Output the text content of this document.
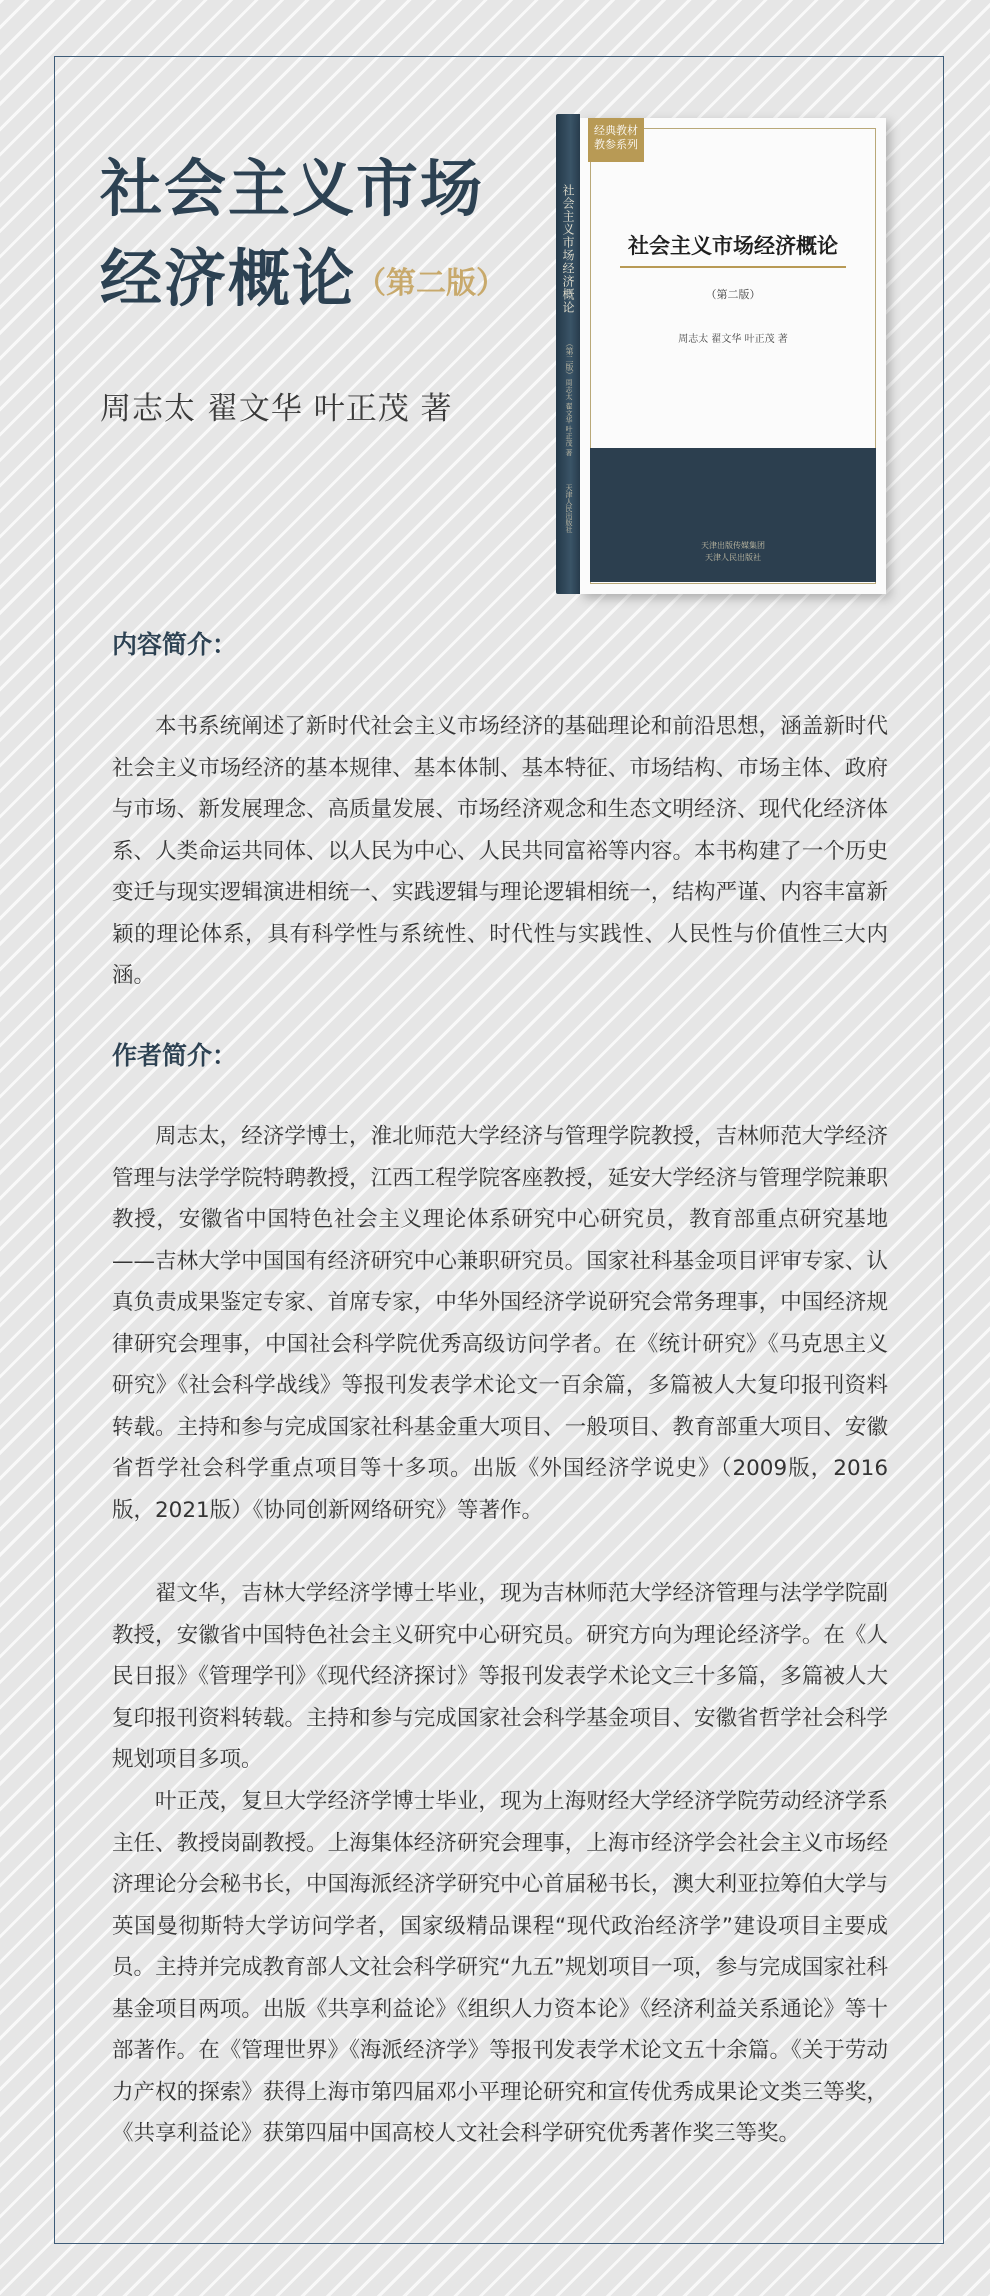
社会主义市场
经济概论（第二版）
周志太 翟文华 叶正茂 著
社会主义市场经济概论
（第二版）
周志太 翟文华 叶正茂 著
天津人民出版社
经典教材
教参系列
社会主义市场经济概论
（第二版）
周志太 翟文华 叶正茂 著
天津出版传媒集团
天津人民出版社
内容简介：

本书系统阐述了新时代社会主义市场经济的基础理论和前沿思想，涵盖新时代社会主义市场经济的基本规律、基本体制、基本特征、市场结构、市场主体、政府与市场、新发展理念、高质量发展、市场经济观念和生态文明经济、现代化经济体系、人类命运共同体、以人民为中心、人民共同富裕等内容。本书构建了一个历史变迁与现实逻辑演进相统一、实践逻辑与理论逻辑相统一，结构严谨、内容丰富新颖的理论体系，具有科学性与系统性、时代性与实践性、人民性与价值性三大内涵。

作者简介：

周志太，经济学博士，淮北师范大学经济与管理学院教授，吉林师范大学经济管理与法学学院特聘教授，江西工程学院客座教授，延安大学经济与管理学院兼职教授，安徽省中国特色社会主义理论体系研究中心研究员，教育部重点研究基地——吉林大学中国国有经济研究中心兼职研究员。国家社科基金项目评审专家、认真负责成果鉴定专家、首席专家，中华外国经济学说研究会常务理事，中国经济规律研究会理事，中国社会科学院优秀高级访问学者。在《统计研究》《马克思主义研究》《社会科学战线》等报刊发表学术论文一百余篇，多篇被人大复印报刊资料转载。主持和参与完成国家社科基金重大项目、一般项目、教育部重大项目、安徽省哲学社会科学重点项目等十多项。出版《外国经济学说史》（2009版，2016版，2021版）《协同创新网络研究》等著作。

翟文华，吉林大学经济学博士毕业，现为吉林师范大学经济管理与法学学院副教授，安徽省中国特色社会主义研究中心研究员。研究方向为理论经济学。在《人民日报》《管理学刊》《现代经济探讨》等报刊发表学术论文三十多篇，多篇被人大复印报刊资料转载。主持和参与完成国家社会科学基金项目、安徽省哲学社会科学规划项目多项。

叶正茂，复旦大学经济学博士毕业，现为上海财经大学经济学院劳动经济学系主任、教授岗副教授。上海集体经济研究会理事，上海市经济学会社会主义市场经济理论分会秘书长，中国海派经济学研究中心首届秘书长，澳大利亚拉筹伯大学与英国曼彻斯特大学访问学者，国家级精品课程“现代政治经济学”建设项目主要成员。主持并完成教育部人文社会科学研究“九五”规划项目一项，参与完成国家社科基金项目两项。出版《共享利益论》《组织人力资本论》《经济利益关系通论》等十部著作。在《管理世界》《海派经济学》等报刊发表学术论文五十余篇。《关于劳动力产权的探索》获得上海市第四届邓小平理论研究和宣传优秀成果论文类三等奖，《共享利益论》获第四届中国高校人文社会科学研究优秀著作奖三等奖。
